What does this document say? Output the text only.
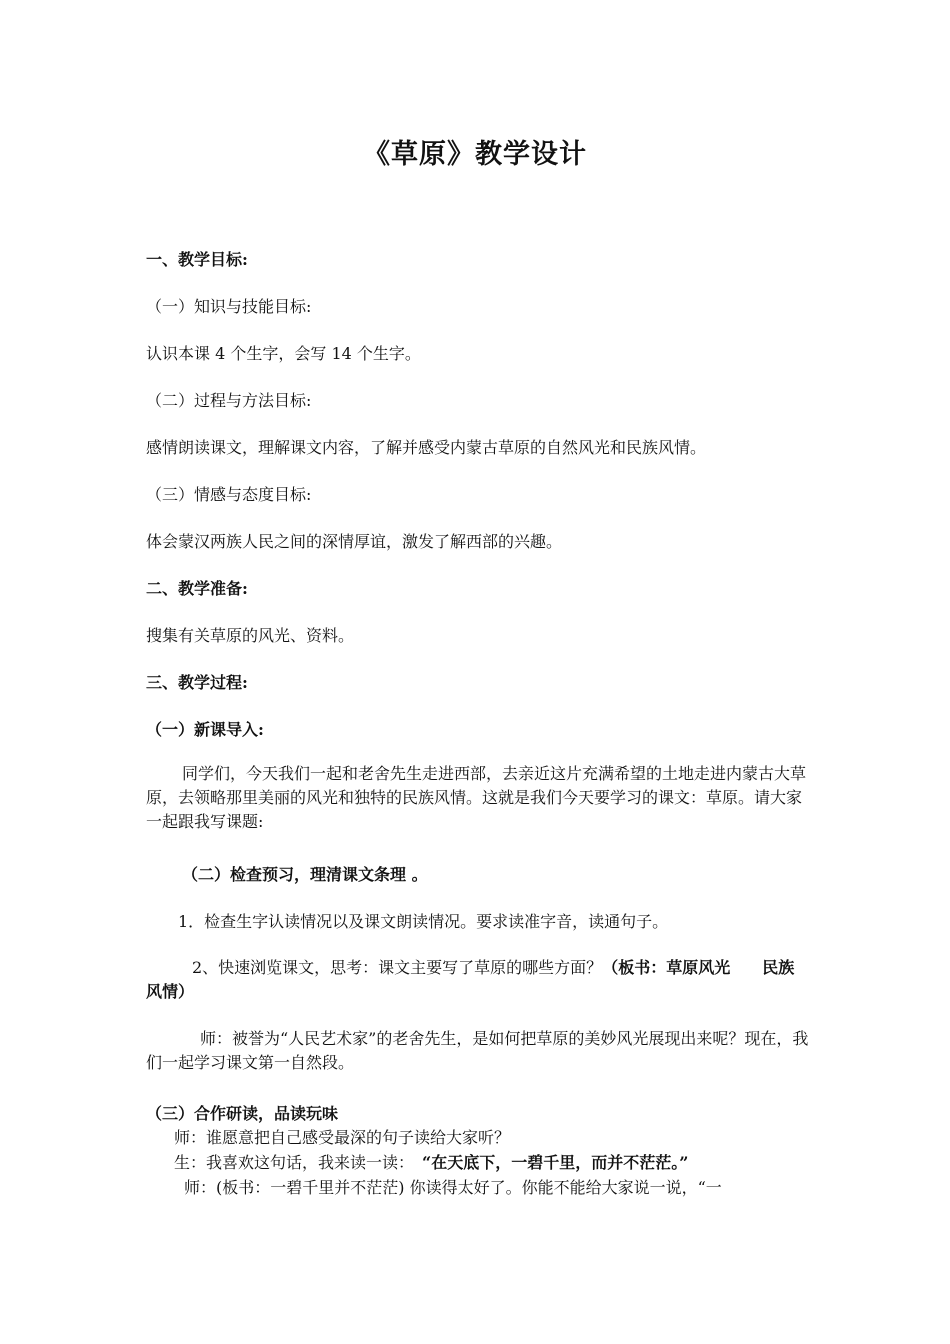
《草原》教学设计
一、教学目标:
（一）知识与技能目标:
认识本课 4 个生字，会写 14 个生字。
（二）过程与方法目标:
感情朗读课文，理解课文内容，了解并感受内蒙古草原的自然风光和民族风情。
（三）情感与态度目标:
体会蒙汉两族人民之间的深情厚谊，激发了解西部的兴趣。
二、教学准备:
搜集有关草原的风光、资料。
三、教学过程:
（一）新课导入:
同学们，今天我们一起和老舍先生走进西部，去亲近这片充满希望的土地走进内蒙古大草原，去领略那里美丽的风光和独特的民族风情。这就是我们今天要学习的课文：草原。请大家一起跟我写课题:
（二）检查预习，理清课文条理 。
1．检查生字认读情况以及课文朗读情况。要求读准字音，读通句子。
2、快速浏览课文，思考：课文主要写了草原的哪些方面？（板书：草原风光　　民族风情）
师：被誉为“人民艺术家”的老舍先生，是如何把草原的美妙风光展现出来呢？现在，我们一起学习课文第一自然段。
（三）合作研读，品读玩味
师：谁愿意把自己感受最深的句子读给大家听？
生：我喜欢这句话，我来读一读： “在天底下，一碧千里，而并不茫茫。”
师：(板书：一碧千里并不茫茫) 你读得太好了。你能不能给大家说一说，“一
